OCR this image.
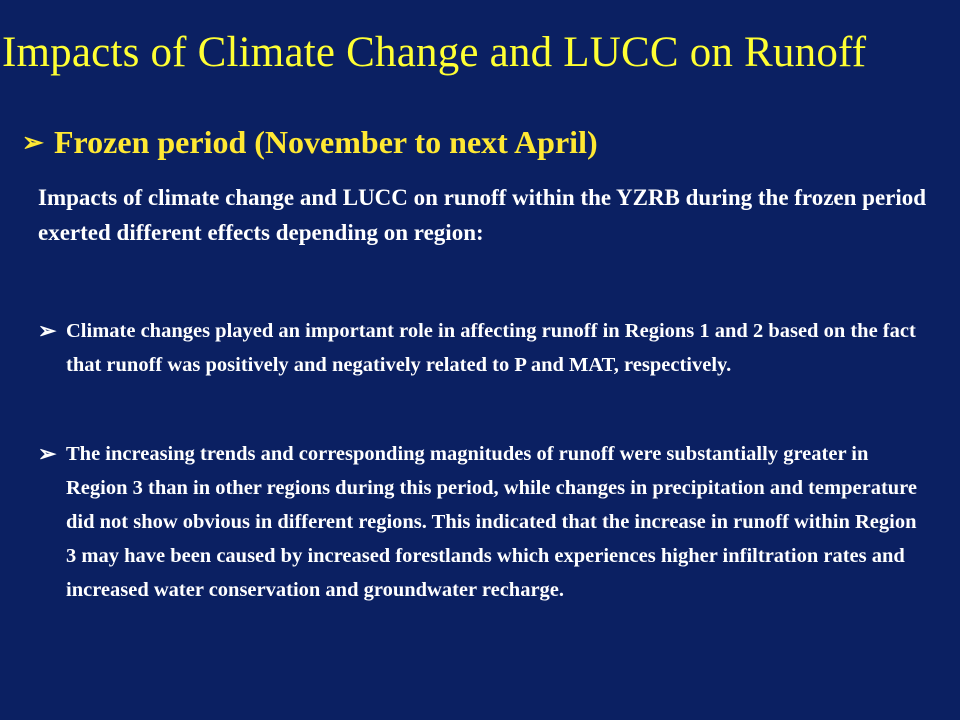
Impacts of Climate Change and LUCC on Runoff
➢ Frozen period (November to next April)
Impacts of climate change and LUCC on runoff within the YZRB during the frozen period exerted different effects depending on region:
➢ Climate changes played an important role in affecting runoff in Regions 1 and 2 based on the fact that runoff was positively and negatively related to P and MAT, respectively.
➢ The increasing trends and corresponding magnitudes of runoff were substantially greater in Region 3 than in other regions during this period, while changes in precipitation and temperature did not show obvious in different regions. This indicated that the increase in runoff within Region 3 may have been caused by increased forestlands which experiences higher infiltration rates and increased water conservation and groundwater recharge.
